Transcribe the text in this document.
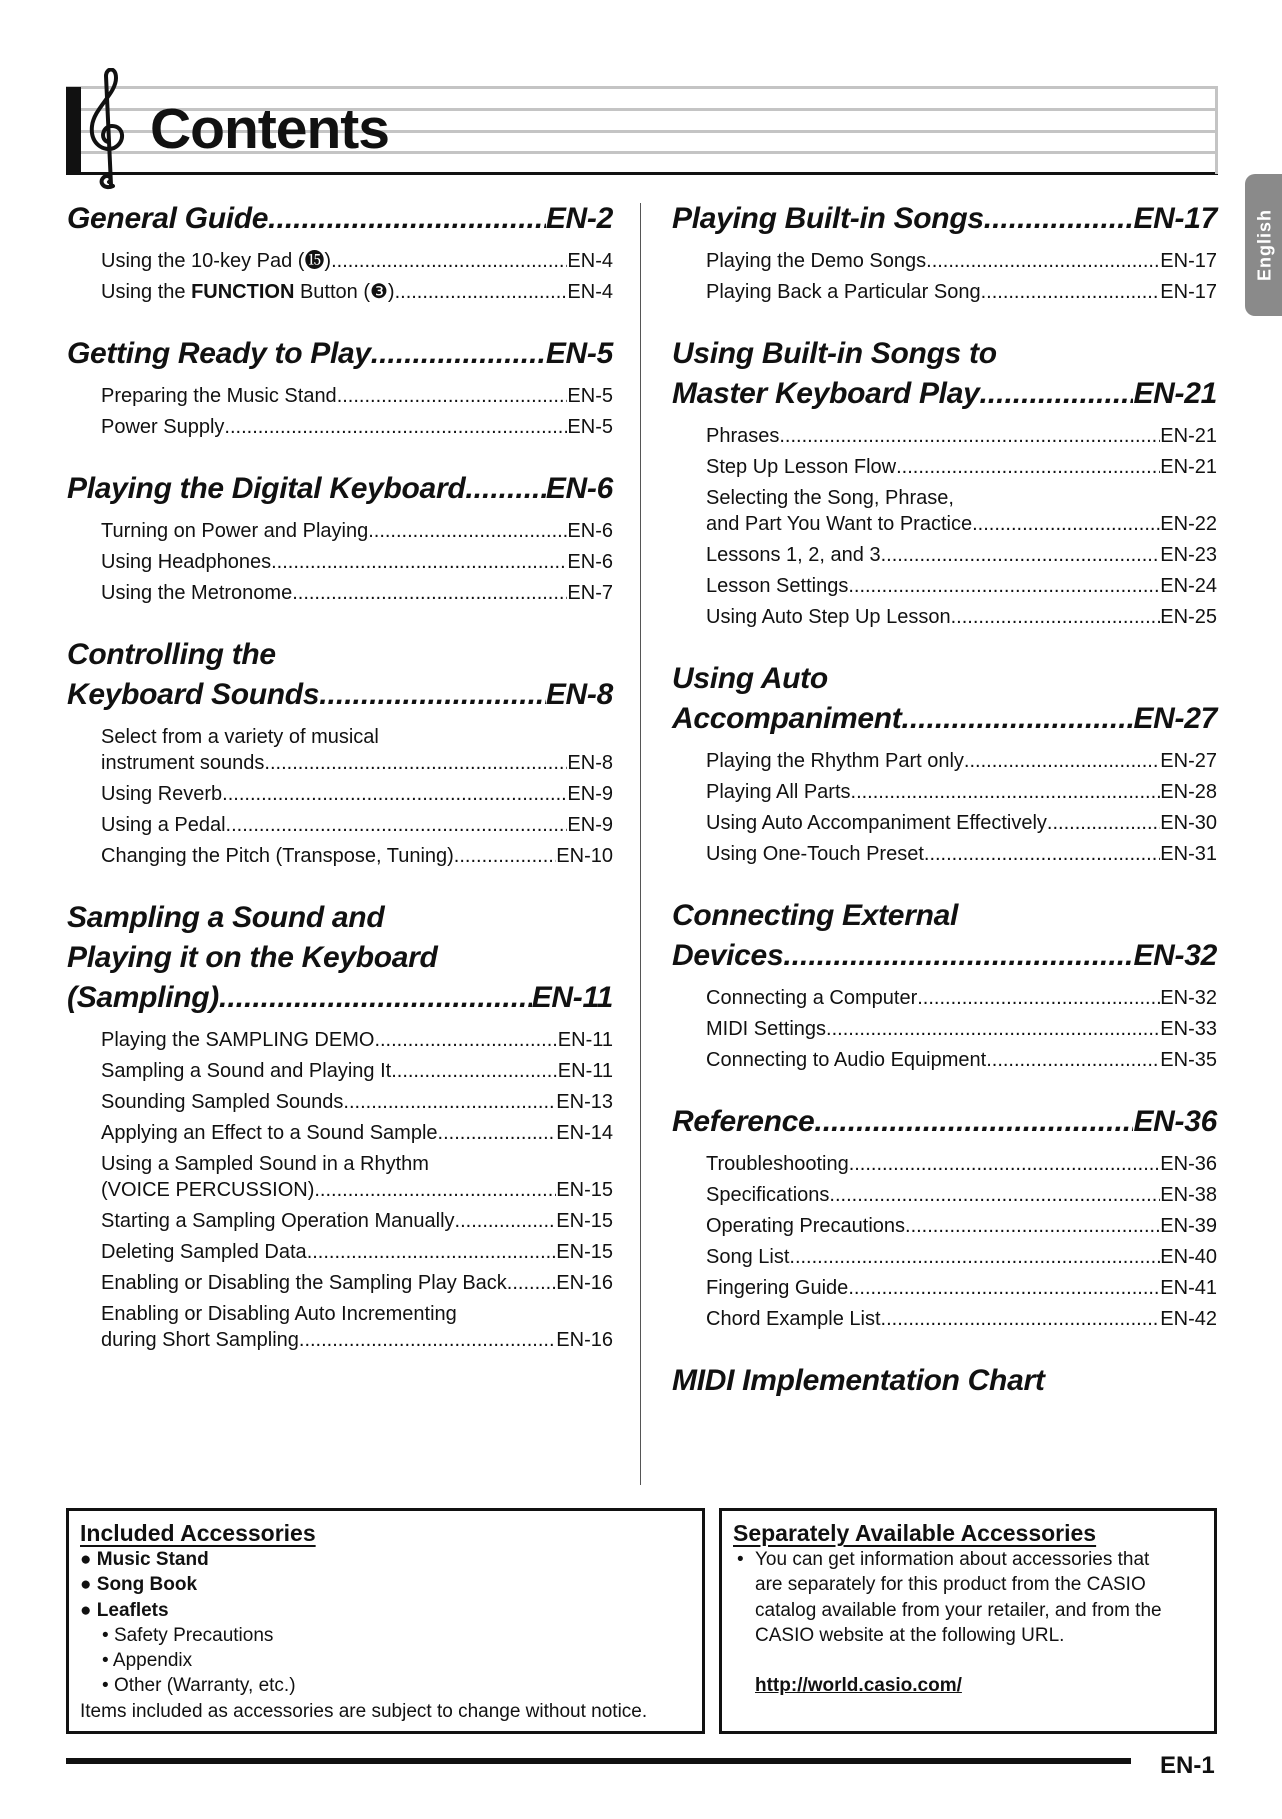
Contents
English
General Guide .....	EN-2
Using the 10-key Pad (⓯) .....	EN-4
Using the FUNCTION Button (❸) .....	EN-4
Getting Ready to Play .....	EN-5
Preparing the Music Stand .....	EN-5
Power Supply .....	EN-5
Playing the Digital Keyboard .....	EN-6
Turning on Power and Playing .....	EN-6
Using Headphones .....	EN-6
Using the Metronome .....	EN-7
Controlling the
Keyboard Sounds .....	EN-8
Select from a variety of musical
instrument sounds .....	EN-8
Using Reverb .....	EN-9
Using a Pedal .....	EN-9
Changing the Pitch (Transpose, Tuning) .....	EN-10
Sampling a Sound and
Playing it on the Keyboard
(Sampling) .....	EN-11
Playing the SAMPLING DEMO .....	EN-11
Sampling a Sound and Playing It .....	EN-11
Sounding Sampled Sounds .....	EN-13
Applying an Effect to a Sound Sample .....	EN-14
Using a Sampled Sound in a Rhythm
(VOICE PERCUSSION) .....	EN-15
Starting a Sampling Operation Manually .....	EN-15
Deleting Sampled Data .....	EN-15
Enabling or Disabling the Sampling Play Back ..... EN-16
Enabling or Disabling Auto Incrementing
during Short Sampling .....	EN-16
Playing Built-in Songs .....	EN-17
Playing the Demo Songs .....	EN-17
Playing Back a Particular Song .....	EN-17
Using Built-in Songs to
Master Keyboard Play .....	EN-21
Phrases .....	EN-21
Step Up Lesson Flow .....	EN-21
Selecting the Song, Phrase,
and Part You Want to Practice .....	EN-22
Lessons 1, 2, and 3 .....	EN-23
Lesson Settings .....	EN-24
Using Auto Step Up Lesson .....	EN-25
Using Auto
Accompaniment .....	EN-27
Playing the Rhythm Part only .....	EN-27
Playing All Parts .....	EN-28
Using Auto Accompaniment Effectively .....	EN-30
Using One-Touch Preset .....	EN-31
Connecting External
Devices .....	EN-32
Connecting a Computer .....	EN-32
MIDI Settings .....	EN-33
Connecting to Audio Equipment .....	EN-35
Reference .....	EN-36
Troubleshooting .....	EN-36
Specifications .....	EN-38
Operating Precautions .....	EN-39
Song List .....	EN-40
Fingering Guide .....	EN-41
Chord Example List .....	EN-42
MIDI Implementation Chart
Included Accessories
● Music Stand
● Song Book
● Leaflets
• Safety Precautions
• Appendix
• Other (Warranty, etc.)
Items included as accessories are subject to change without notice.
Separately Available Accessories
• You can get information about accessories that
are separately for this product from the CASIO
catalog available from your retailer, and from the
CASIO website at the following URL.
http://world.casio.com/
EN-1
